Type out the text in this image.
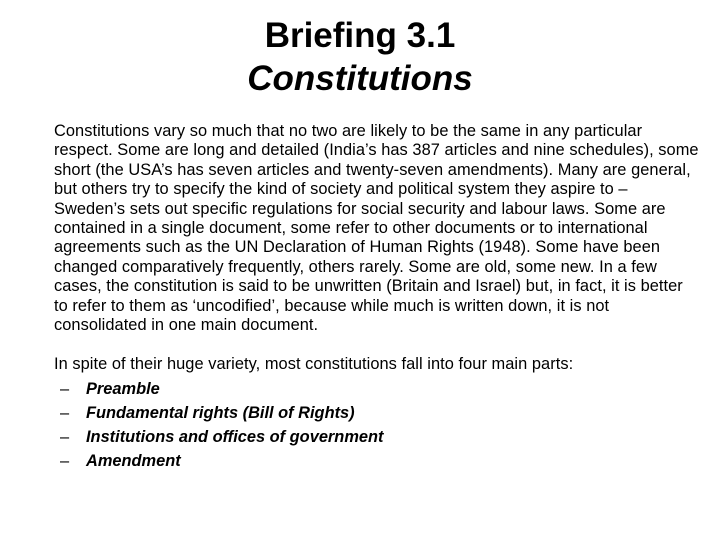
Briefing 3.1
Constitutions

Constitutions vary so much that no two are likely to be the same in any particular respect. Some are long and detailed (India’s has 387 articles and nine schedules), some short (the USA’s has seven articles and twenty-seven amendments). Many are general, but others try to specify the kind of society and political system they aspire to – Sweden’s sets out specific regulations for social security and labour laws. Some are contained in a single document, some refer to other documents or to international agreements such as the UN Declaration of Human Rights (1948). Some have been changed comparatively frequently, others rarely. Some are old, some new. In a few cases, the constitution is said to be unwritten (Britain and Israel) but, in fact, it is better to refer to them as ‘uncodified’, because while much is written down, it is not consolidated in one main document.

In spite of their huge variety, most constitutions fall into four main parts:

– Preamble
– Fundamental rights (Bill of Rights)
– Institutions and offices of government
– Amendment
